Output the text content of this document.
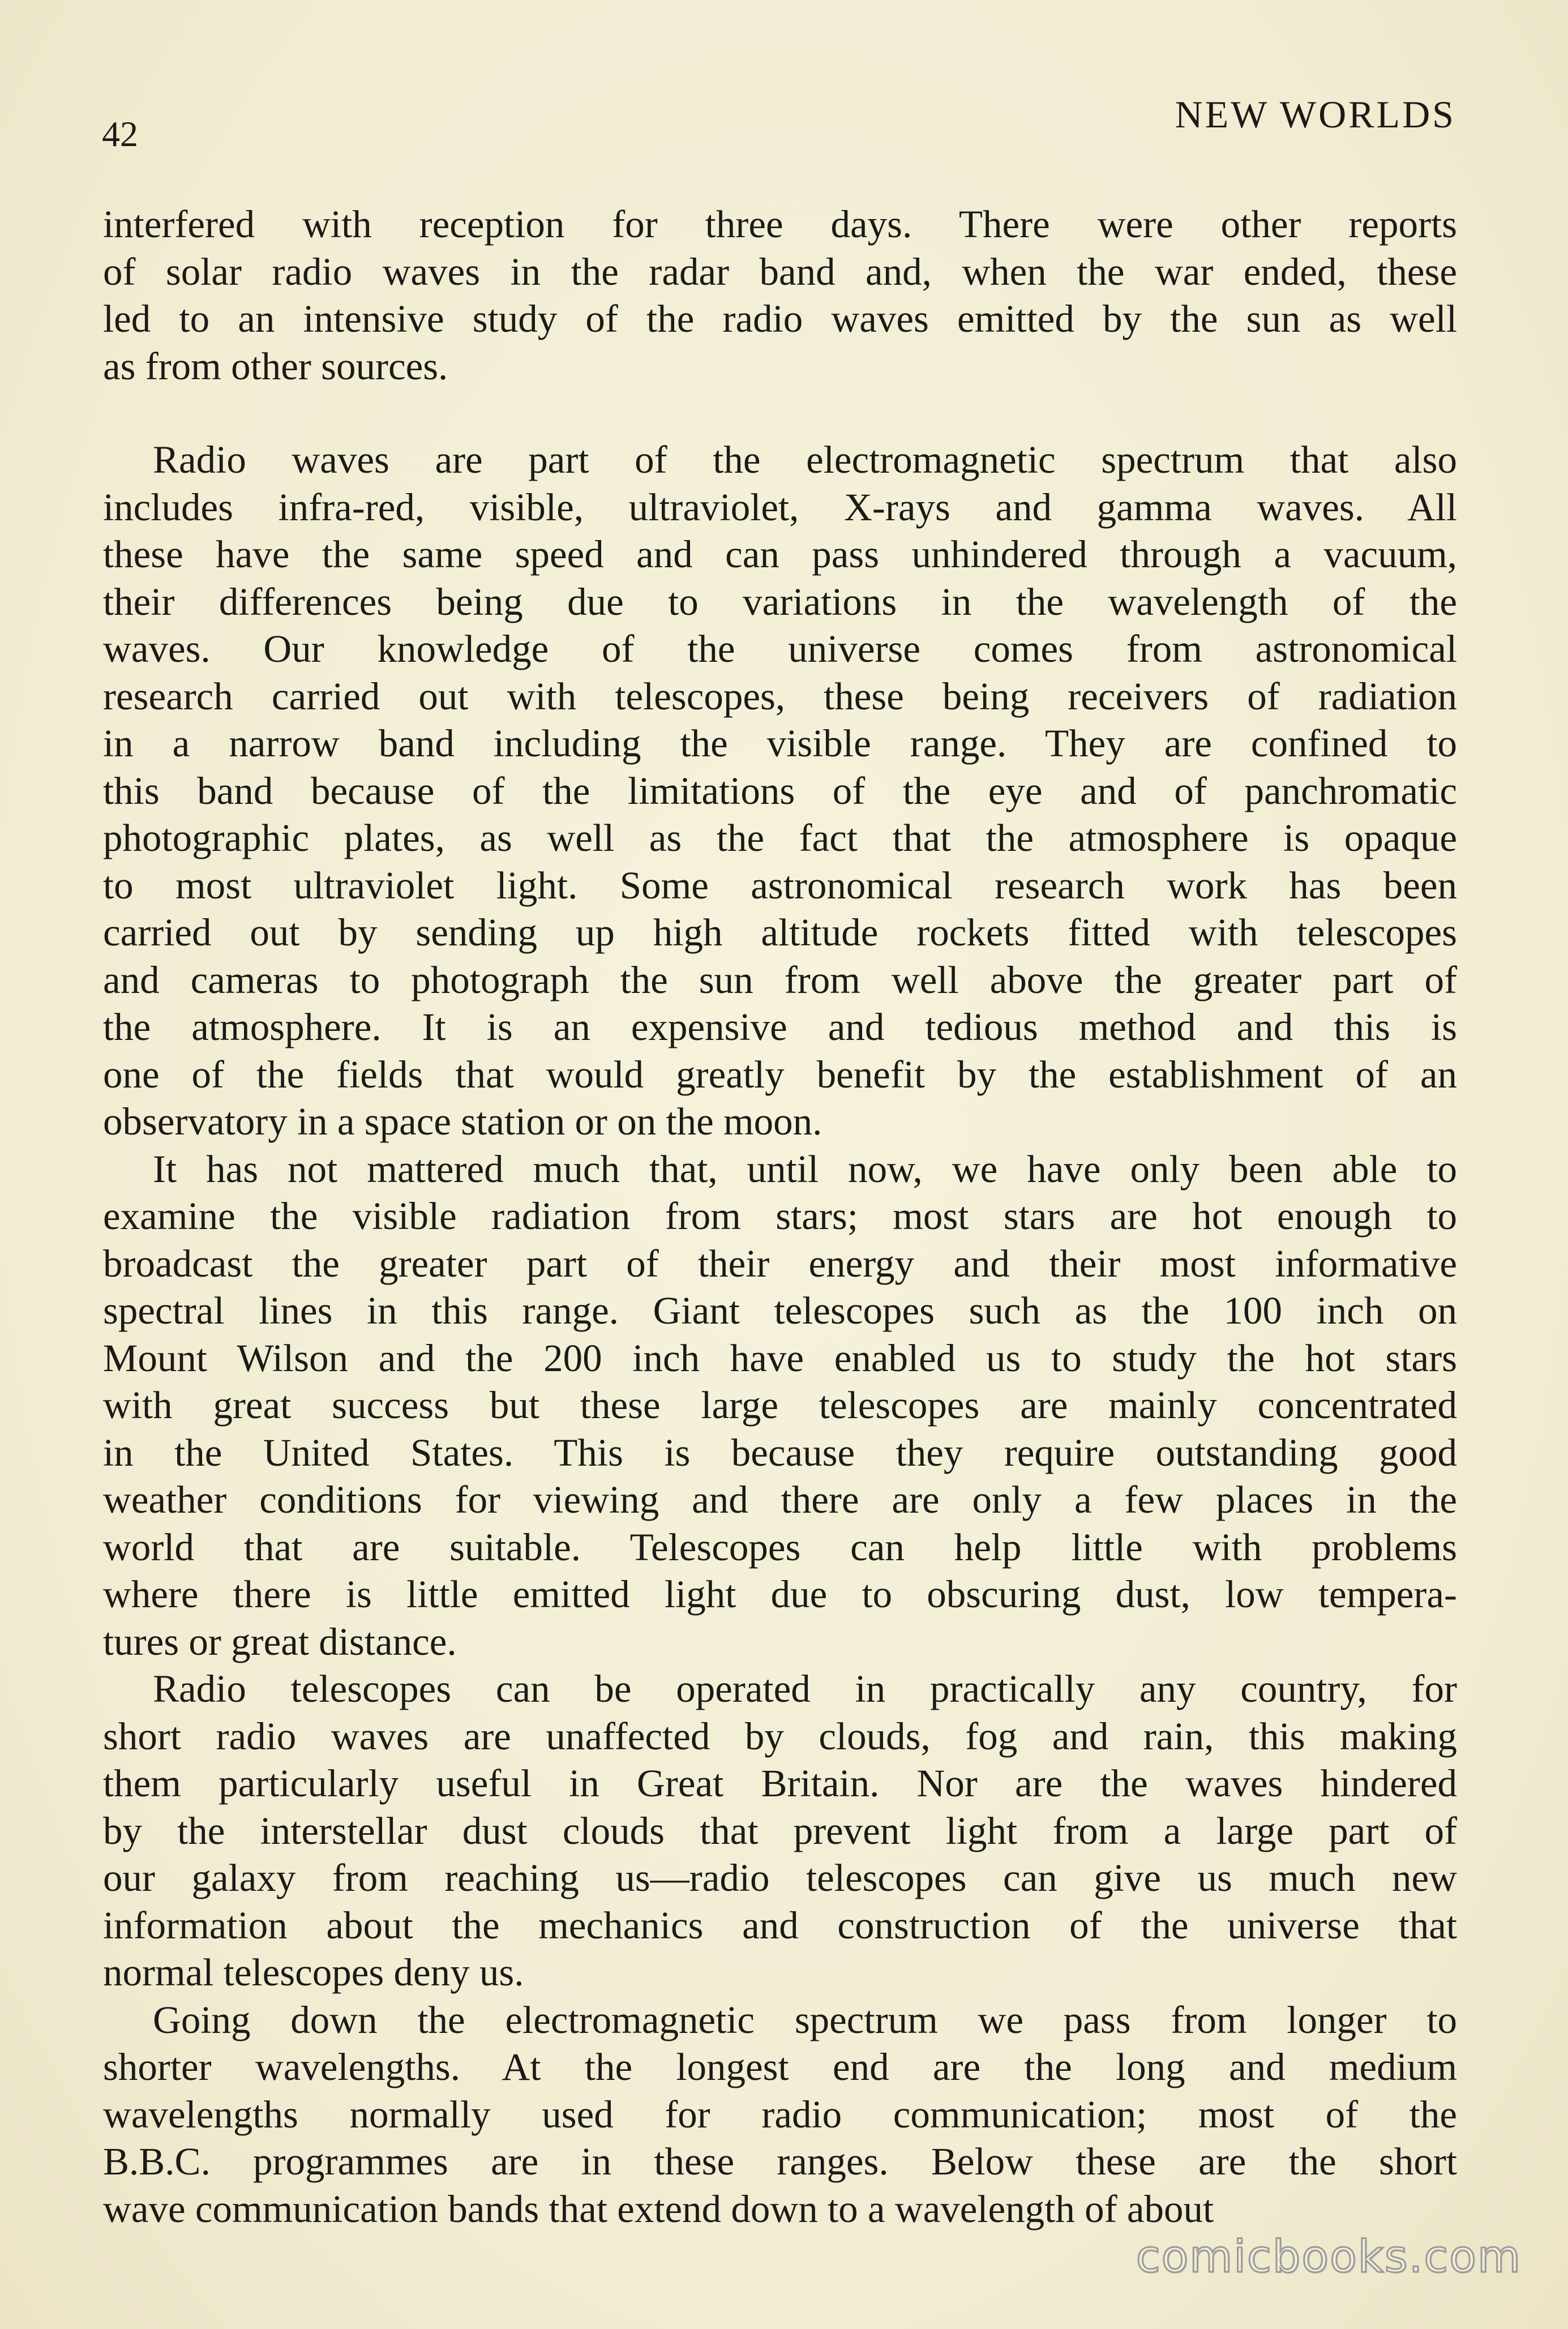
42	NEW WORLDS
interfered with reception for three days. There were other reports
of solar radio waves in the radar band and, when the war ended, these
led to an intensive study of the radio waves emitted by the sun as well
as from other sources.
Radio waves are part of the electromagnetic spectrum that also
includes infra-red, visible, ultraviolet, X-rays and gamma waves. All
these have the same speed and can pass unhindered through a vacuum,
their differences being due to variations in the wavelength of the
waves. Our knowledge of the universe comes from astronomical
research carried out with telescopes, these being receivers of radiation
in a narrow band including the visible range. They are confined to
this band because of the limitations of the eye and of panchromatic
photographic plates, as well as the fact that the atmosphere is opaque
to most ultraviolet light. Some astronomical research work has been
carried out by sending up high altitude rockets fitted with telescopes
and cameras to photograph the sun from well above the greater part of
the atmosphere. It is an expensive and tedious method and this is
one of the fields that would greatly benefit by the establishment of an
observatory in a space station or on the moon.
It has not mattered much that, until now, we have only been able to
examine the visible radiation from stars; most stars are hot enough to
broadcast the greater part of their energy and their most informative
spectral lines in this range. Giant telescopes such as the 100 inch on
Mount Wilson and the 200 inch have enabled us to study the hot stars
with great success but these large telescopes are mainly concentrated
in the United States. This is because they require outstanding good
weather conditions for viewing and there are only a few places in the
world that are suitable. Telescopes can help little with problems
where there is little emitted light due to obscuring dust, low tempera-
tures or great distance.
Radio telescopes can be operated in practically any country, for
short radio waves are unaffected by clouds, fog and rain, this making
them particularly useful in Great Britain. Nor are the waves hindered
by the interstellar dust clouds that prevent light from a large part of
our galaxy from reaching us—radio telescopes can give us much new
information about the mechanics and construction of the universe that
normal telescopes deny us.
Going down the electromagnetic spectrum we pass from longer to
shorter wavelengths. At the longest end are the long and medium
wavelengths normally used for radio communication; most of the
B.B.C. programmes are in these ranges. Below these are the short
wave communication bands that extend down to a wavelength of about
comicbooks.com
